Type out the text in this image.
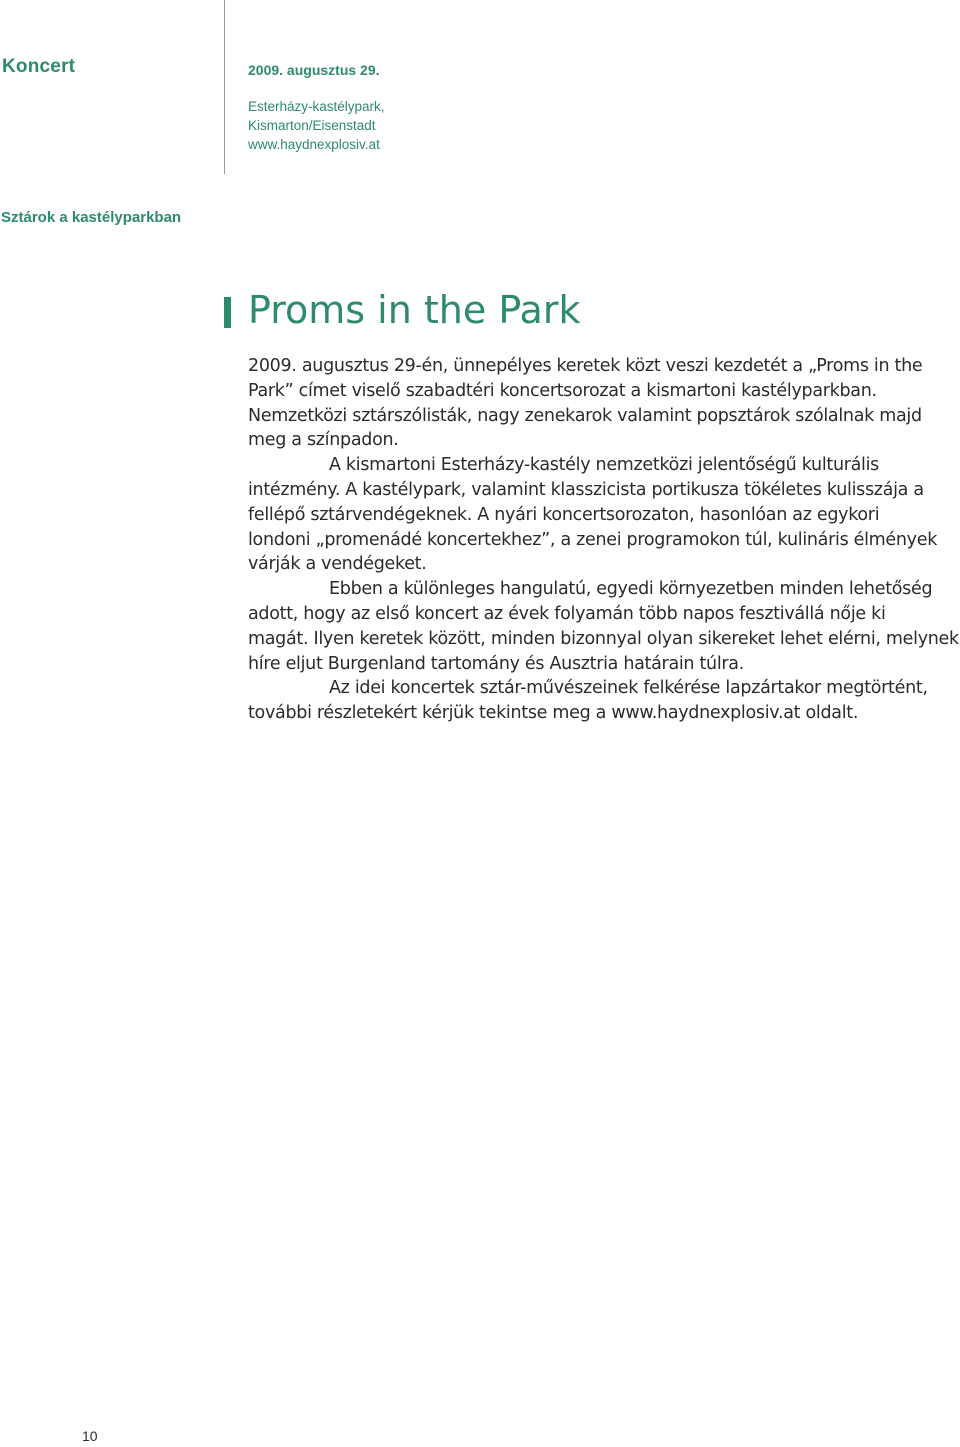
Koncert	2009. augusztus 29.
Esterházy-kastélypark,
Kismarton/Eisenstadt
www.haydnexplosiv.at
Sztárok a kastélyparkban
Proms in the Park
2009. augusztus 29-én, ünnepélyes keretek közt veszi kezdetét a „Proms in the
Park” címet viselő szabadtéri koncertsorozat a kismartoni kastélyparkban.
Nemzetközi sztárszólisták, nagy zenekarok valamint popsztárok szólalnak majd
meg a színpadon.
A kismartoni Esterházy-kastély nemzetközi jelentőségű kulturális
intézmény. A kastélypark, valamint klasszicista portikusza tökéletes kulisszája a
fellépő sztárvendégeknek. A nyári koncertsorozaton, hasonlóan az egykori
londoni „promenádé koncertekhez”, a zenei programokon túl, kulináris élmények
várják a vendégeket.
Ebben a különleges hangulatú, egyedi környezetben minden lehetőség
adott, hogy az első koncert az évek folyamán több napos fesztivállá nője ki
magát. Ilyen keretek között, minden bizonnyal olyan sikereket lehet elérni, melynek
híre eljut Burgenland tartomány és Ausztria határain túlra.
Az idei koncertek sztár-művészeinek felkérése lapzártakor megtörtént,
további részletekért kérjük tekintse meg a www.haydnexplosiv.at oldalt.
10
